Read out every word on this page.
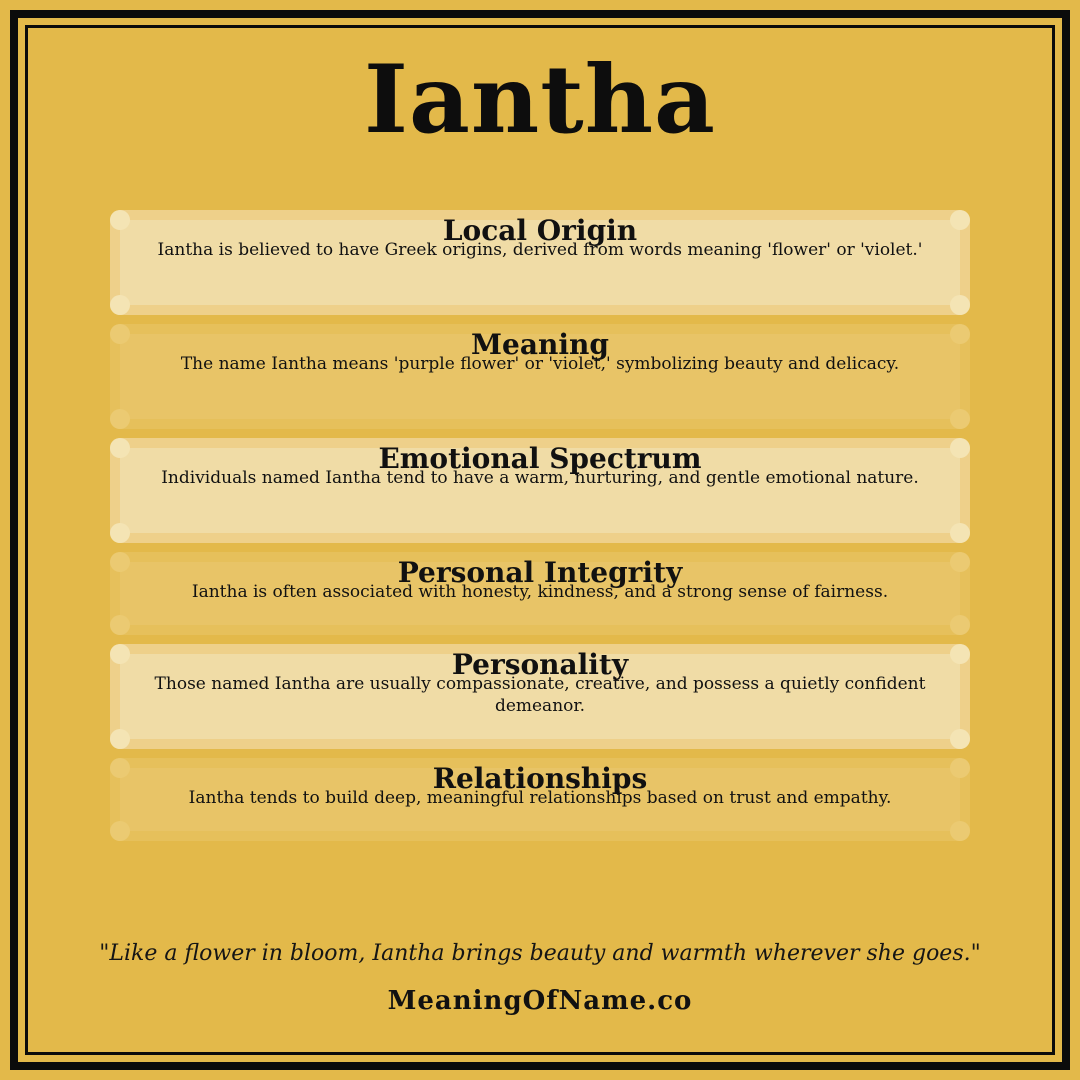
Iantha
Local Origin
Iantha is believed to have Greek origins, derived from words meaning 'flower' or 'violet.'
Meaning
The name Iantha means 'purple flower' or 'violet,' symbolizing beauty and delicacy.
Emotional Spectrum
Individuals named Iantha tend to have a warm, nurturing, and gentle emotional nature.
Personal Integrity
Iantha is often associated with honesty, kindness, and a strong sense of fairness.
Personality
Those named Iantha are usually compassionate, creative, and possess a quietly confident demeanor.
Relationships
Iantha tends to build deep, meaningful relationships based on trust and empathy.
"Like a flower in bloom, Iantha brings beauty and warmth wherever she goes."
MeaningOfName.co
